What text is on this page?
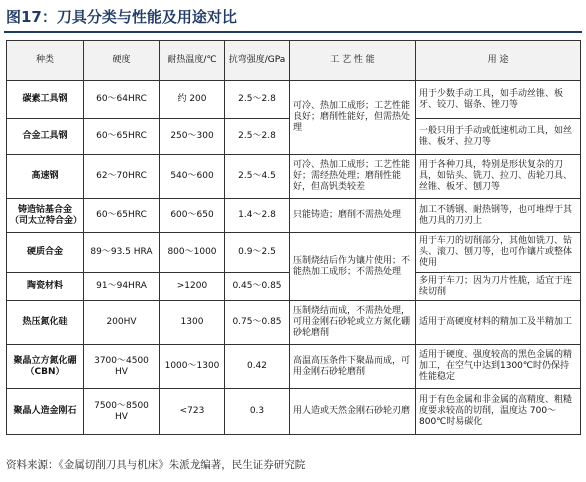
图17：刀具分类与性能及用途对比
种类	硬度	耐热温度/℃	抗弯强度/GPa	工 艺 性 能	用 途
碳素工具钢	60～64HRC	约 200	2.5～2.8	可冷、热加工成形；工艺性能良好；磨削性能好，但需热处理	用于少数手动工具，如手动丝锥、板牙、铰刀、锯条、锉刀等
合金工具钢	60～65HRC	250～300	2.5～2.8		一般只用于手动或低速机动工具，如丝锥、板牙、拉刀等
高速钢	62～70HRC	540～600	2.5～4.5	可冷、热加工成形；工艺性能好；需经热处理；磨削性能好，但高钒类较差	用于各种刀具，特别是形状复杂的刀具，如钻头、铣刀、拉刀、齿轮刀具、丝锥、板牙、刨刀等
铸造钴基合金（司太立特合金）	60～65HRC	600～650	1.4～2.8	只能铸造；磨削不需热处理	加工不锈钢、耐热钢等，也可堆焊于其他刀具的刀刃上
硬质合金	89～93.5 HRA	800～1000	0.9～2.5	压制烧结后作为镶片使用；不能热加工成形；不需热处理	用于车刀的切削部分，其他如铣刀、钻头、滚刀、刨刀等，也可作镶片或整体使用
陶瓷材料	91～94HRA	>1200	0.45～0.85		多用于车刀；因为刀片性脆，适宜于连续切削
热压氮化硅	200HV	1300	0.75～0.85	压制烧结而成，不需热处理，可用金刚石砂轮或立方氮化硼砂轮磨削	适用于高硬度材料的精加工及半精加工
聚晶立方氮化硼（CBN）	3700～4500 HV	1000～1300	0.42	高温高压条件下聚晶而成，可用金刚石砂轮磨削	适用于硬度、强度较高的黑色金属的精加工，在空气中达到1300℃时仍保持性能稳定
聚晶人造金刚石	7500～8500 HV	<723	0.3	用人造或天然金刚石砂轮刃磨	用于有色金属和非金属的高精度、粗糙度要求较高的切削，温度达 700～800℃时易碳化
资料来源：《金属切削刀具与机床》朱派龙编著，民生证券研究院
